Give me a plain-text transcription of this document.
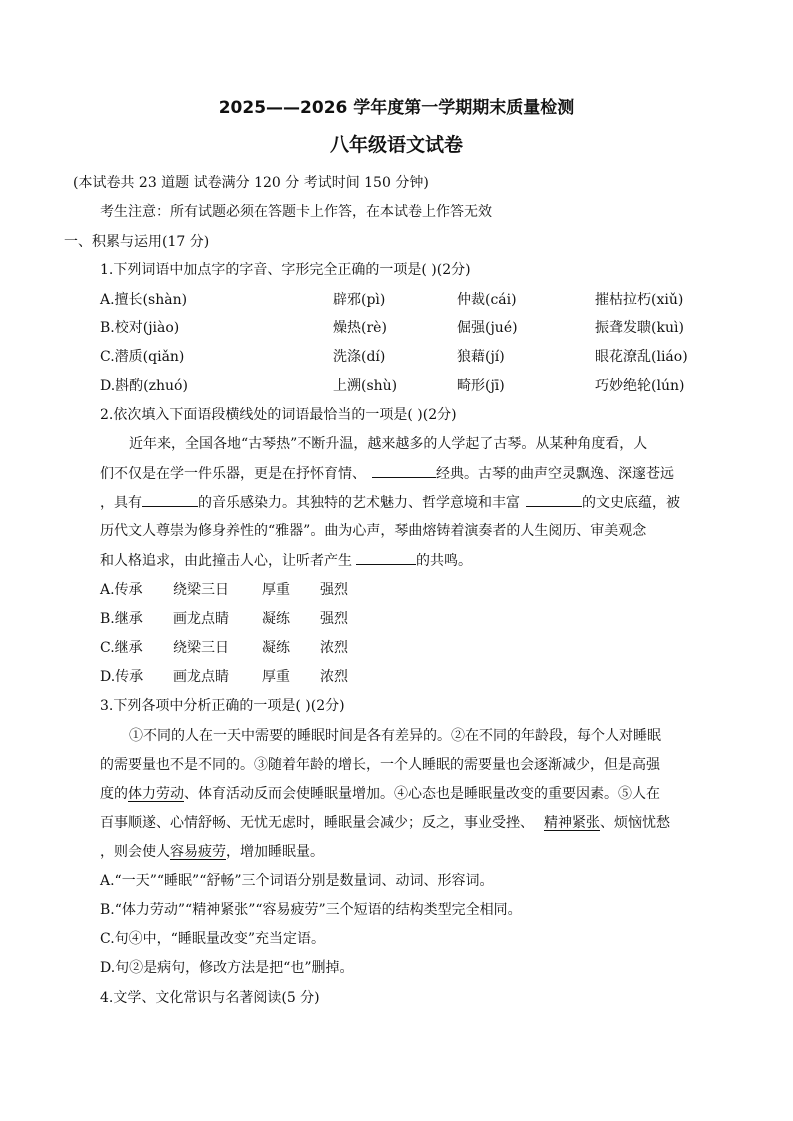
2025——2026 学年度第一学期期末质量检测
八年级语文试卷
(本试卷共 23 道题 试卷满分 120 分 考试时间 150 分钟)
考生注意：所有试题必须在答题卡上作答，在本试卷上作答无效
一、积累与运用(17 分)
1.下列词语中加点字的字音、字形完全正确的一项是( )(2分)
A.擅长(shàn)	辟邪(pì)	仲裁(cái)	摧枯拉朽(xiǔ)
B.校对(jiào)	燥热(rè)	倔强(jué)	振聋发聩(kuì)
C.潜质(qiǎn)	洗涤(dí)	狼藉(jí)	眼花潦乱(liáo)
D.斟酌(zhuó)	上溯(shù)	畸形(jī)	巧妙绝轮(lún)
2.依次填入下面语段横线处的词语最恰当的一项是( )(2分)
近年来，全国各地“古琴热”不断升温，越来越多的人学起了古琴。从某种角度看，人
们不仅是在学一件乐器，更是在抒怀育情、	经典。古琴的曲声空灵飘逸、深邃苍远
，具有	的音乐感染力。其独特的艺术魅力、哲学意境和丰富	的文史底蕴，被
历代文人尊崇为修身养性的“雅器”。曲为心声，琴曲熔铸着演奏者的人生阅历、审美观念
和人格追求，由此撞击人心，让听者产生	的共鸣。
A.传承 绕梁三日 厚重 强烈
B.继承 画龙点睛 凝练 强烈
C.继承 绕梁三日 凝练 浓烈
D.传承 画龙点睛 厚重 浓烈
3.下列各项中分析正确的一项是( )(2分)
①不同的人在一天中需要的睡眠时间是各有差异的。②在不同的年龄段，每个人对睡眠
的需要量也不是不同的。③随着年龄的增长，一个人睡眠的需要量也会逐渐减少，但是高强
度的体力劳动、体育活动反而会使睡眠量增加。④心态也是睡眠量改变的重要因素。⑤人在
百事顺遂、心情舒畅、无忧无虑时，睡眠量会减少；反之，事业受挫、 精神紧张、烦恼忧愁
，则会使人容易疲劳，增加睡眠量。
A.“一天”“睡眠”“舒畅”三个词语分别是数量词、动词、形容词。
B.“体力劳动”“精神紧张”“容易疲劳”三个短语的结构类型完全相同。
C.句④中，“睡眠量改变”充当定语。
D.句②是病句，修改方法是把“也”删掉。
4.文学、文化常识与名著阅读(5 分)
